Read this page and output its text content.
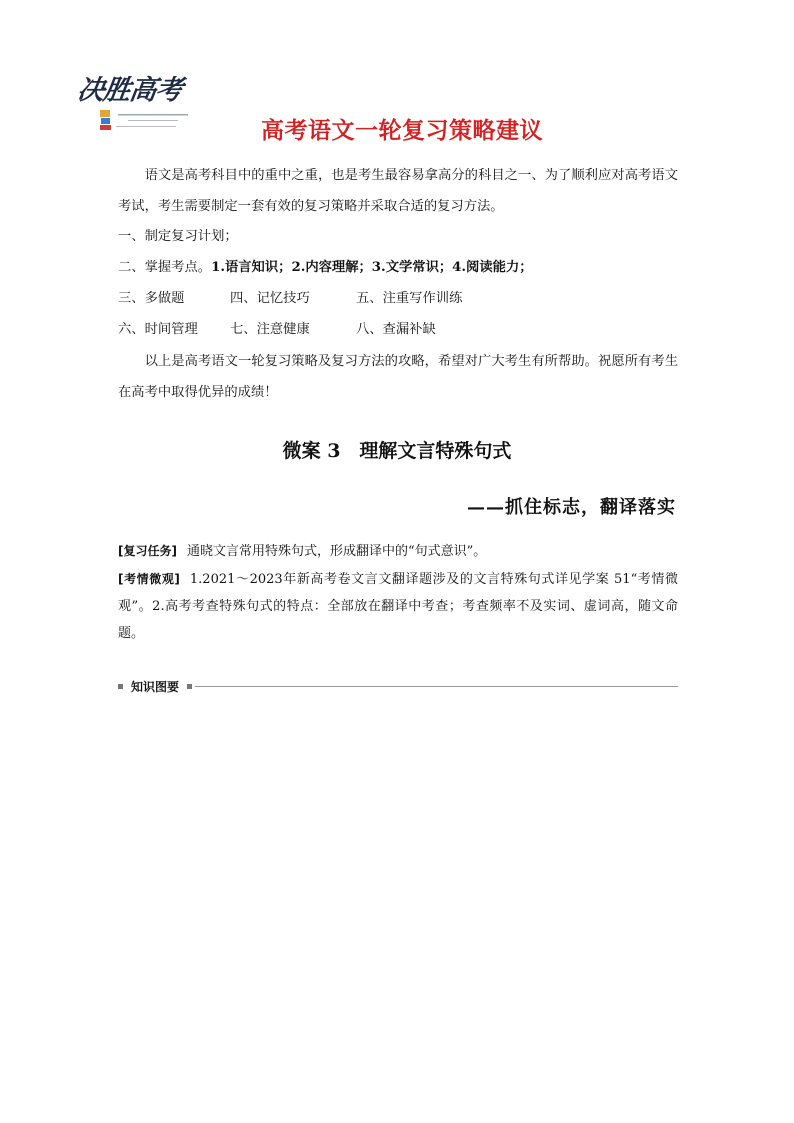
决胜高考
高考语文一轮复习策略建议
语文是高考科目中的重中之重，也是考生最容易拿高分的科目之一、为了顺利应对高考语文考试，考生需要制定一套有效的复习策略并采取合适的复习方法。
一、制定复习计划；
二、掌握考点。1.语言知识；2.内容理解；3.文学常识；4.阅读能力；
三、多做题	四、记忆技巧	五、注重写作训练
六、时间管理 七、注意健康	八、查漏补缺
以上是高考语文一轮复习策略及复习方法的攻略，希望对广大考生有所帮助。祝愿所有考生在高考中取得优异的成绩！
微案 3　理解文言特殊句式
——抓住标志，翻译落实
[复习任务] 通晓文言常用特殊句式，形成翻译中的“句式意识”。
[考情微观] 1.2021～2023年新高考卷文言文翻译题涉及的文言特殊句式详见学案 51“考情微观”。2.高考考查特殊句式的特点：全部放在翻译中考查；考查频率不及实词、虚词高，随文命题。
知识图要
